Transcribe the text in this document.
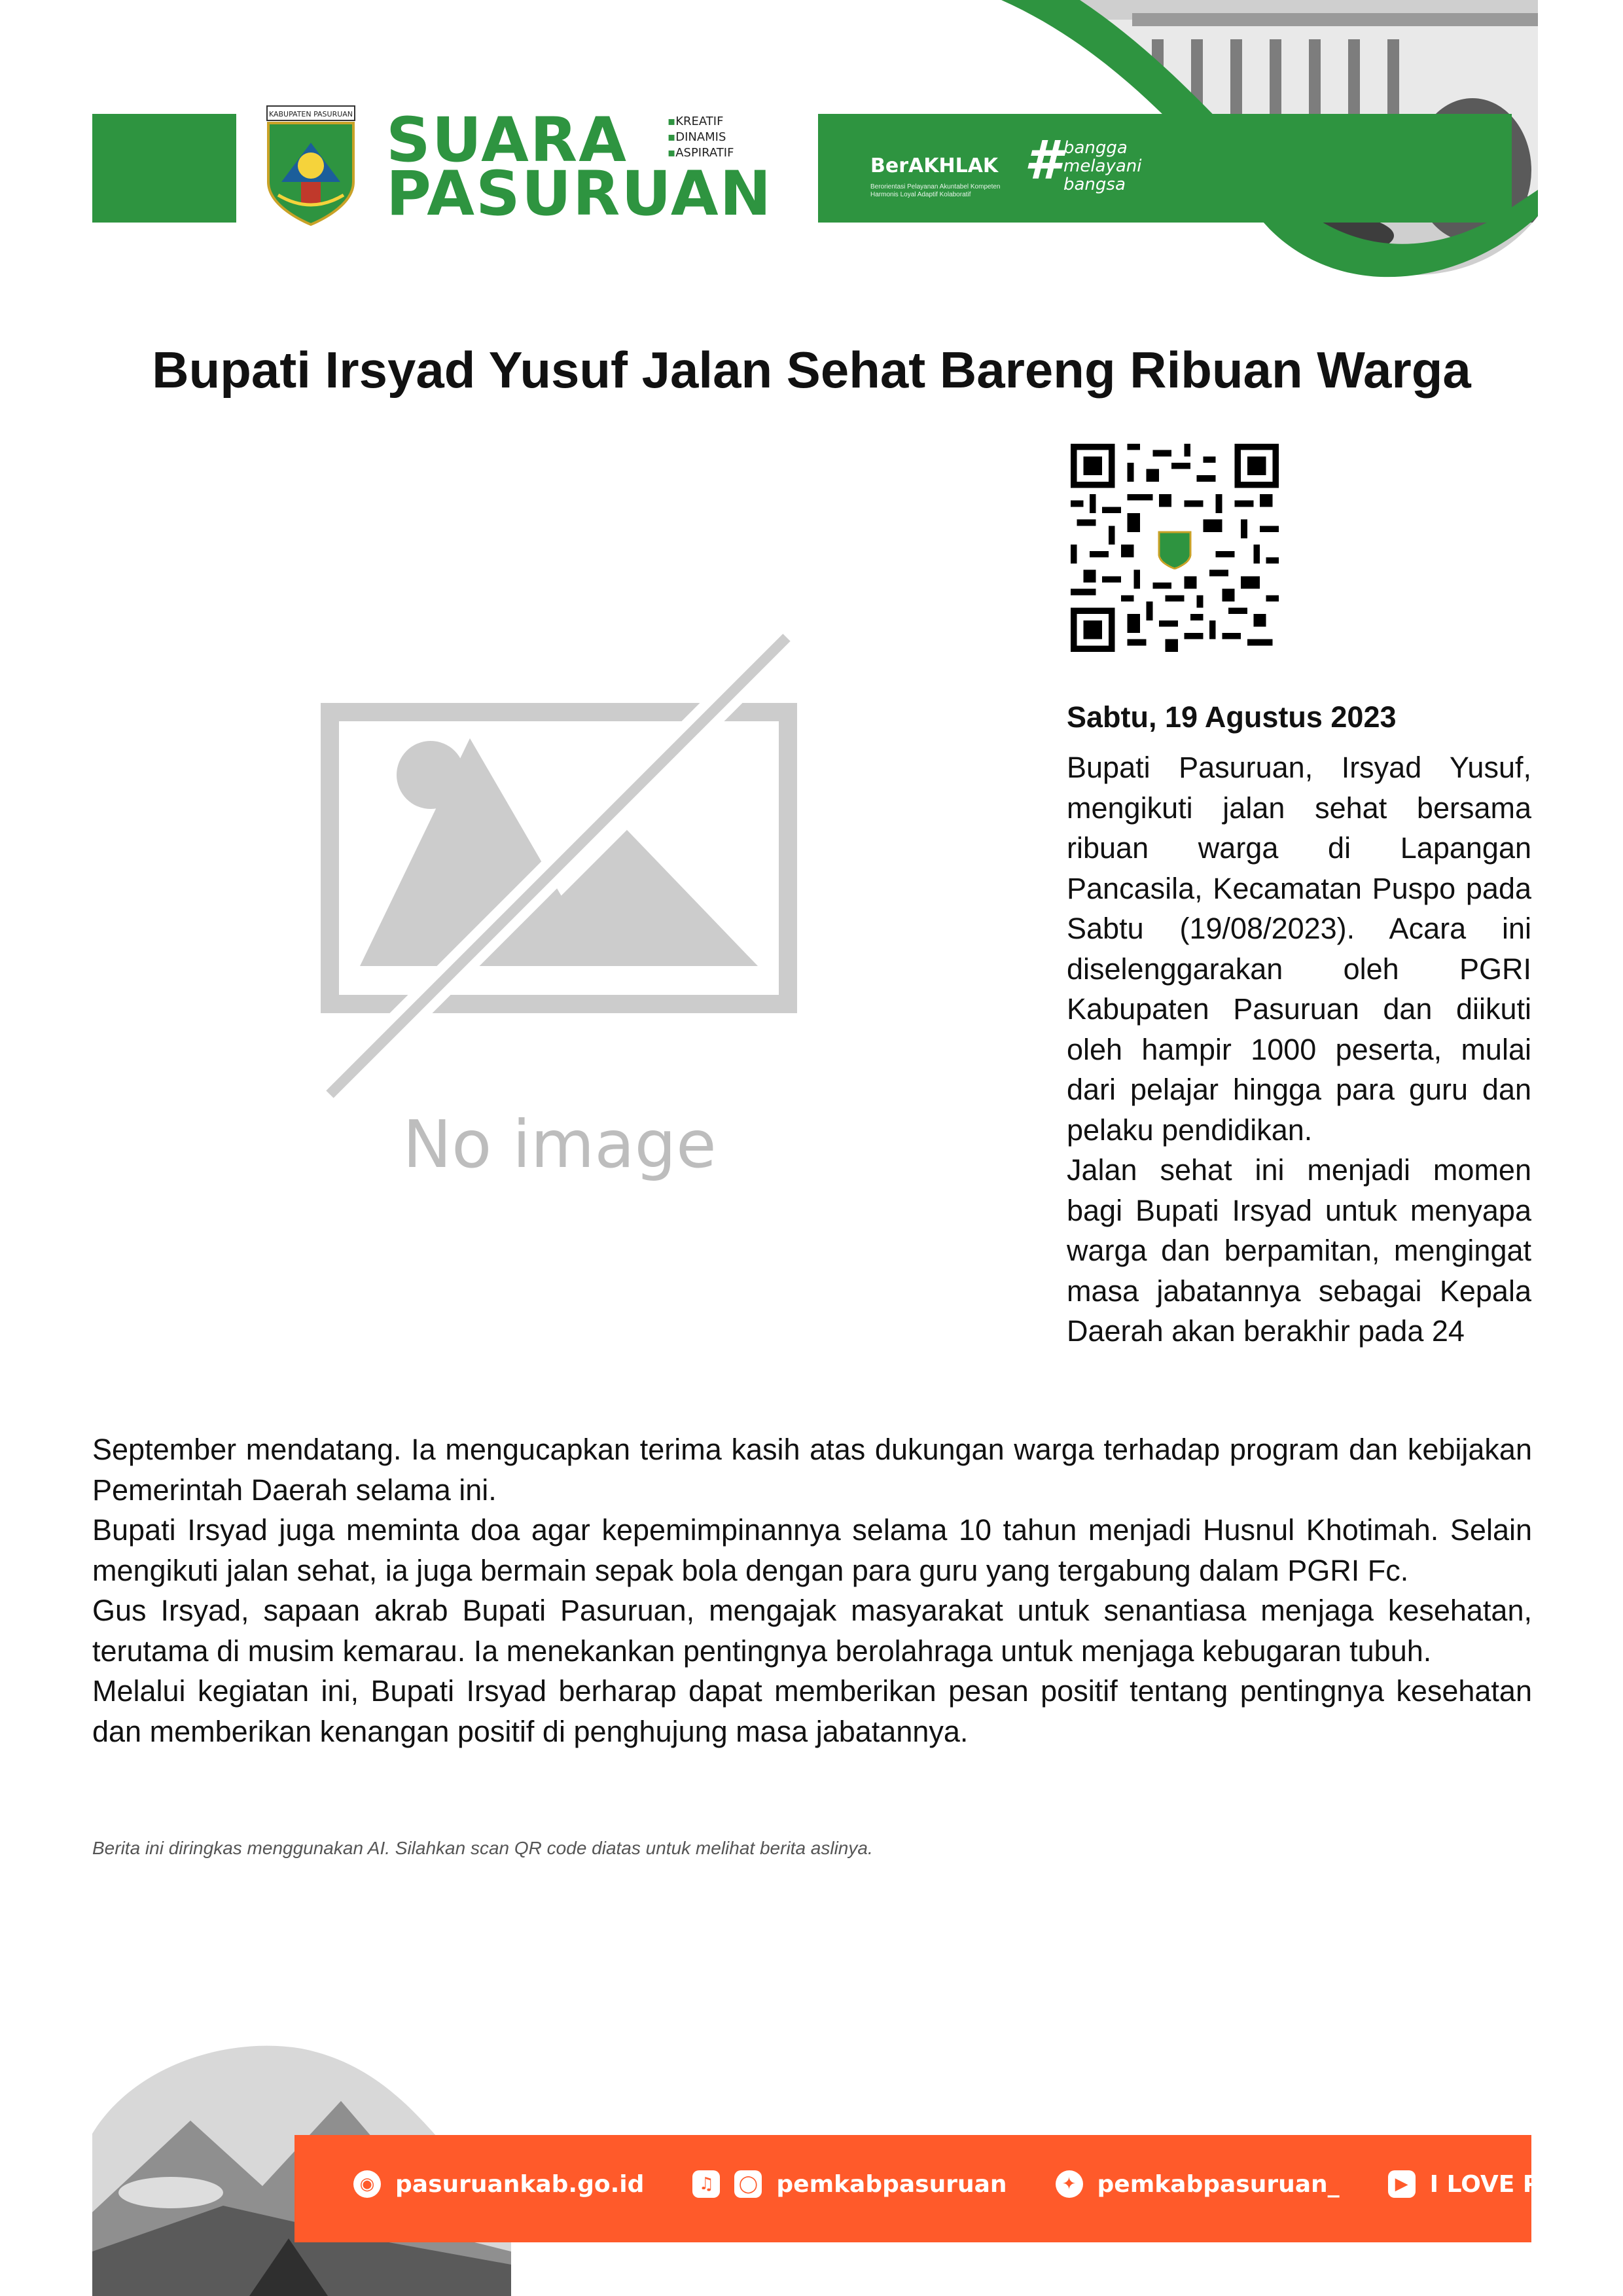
KABUPATEN PASURUAN SUARA
PASURUAN
▪ KREATIF
▪ DINAMIS
▪ ASPIRATIF
BerAKHLAK
Berorientasi Pelayanan Akuntabel Kompeten Harmonis Loyal Adaptif Kolaboratif
# bangga
melayani
bangsa
Bupati Irsyad Yusuf Jalan Sehat Bareng Ribuan Warga
No image
Sabtu, 19 Agustus 2023

Bupati Pasuruan, Irsyad Yusuf, mengikuti jalan sehat bersama ribuan warga di Lapangan Pancasila, Kecamatan Puspo pada Sabtu (19/08/2023). Acara ini diselenggarakan oleh PGRI Kabupaten Pasuruan dan diikuti oleh hampir 1000 peserta, mulai dari pelajar hingga para guru dan pelaku pendidikan.

Jalan sehat ini menjadi momen bagi Bupati Irsyad untuk menyapa warga dan berpamitan, mengingat masa jabatannya sebagai Kepala Daerah akan berakhir pada 24

September mendatang. Ia mengucapkan terima kasih atas dukungan warga terhadap program dan kebijakan Pemerintah Daerah selama ini.

Bupati Irsyad juga meminta doa agar kepemimpinannya selama 10 tahun menjadi Husnul Khotimah. Selain mengikuti jalan sehat, ia juga bermain sepak bola dengan para guru yang tergabung dalam PGRI Fc.

Gus Irsyad, sapaan akrab Bupati Pasuruan, mengajak masyarakat untuk senantiasa menjaga kesehatan, terutama di musim kemarau. Ia menekankan pentingnya berolahraga untuk menjaga kebugaran tubuh.

Melalui kegiatan ini, Bupati Irsyad berharap dapat memberikan pesan positif tentang pentingnya kesehatan dan memberikan kenangan positif di penghujung masa jabatannya.

Berita ini diringkas menggunakan AI. Silahkan scan QR code diatas untuk melihat berita aslinya.
◉ pasuruankab.go.id	♫	◯ pemkabpasuruan	✦ pemkabpasuruan_	▶ I LOVE PAS TV
